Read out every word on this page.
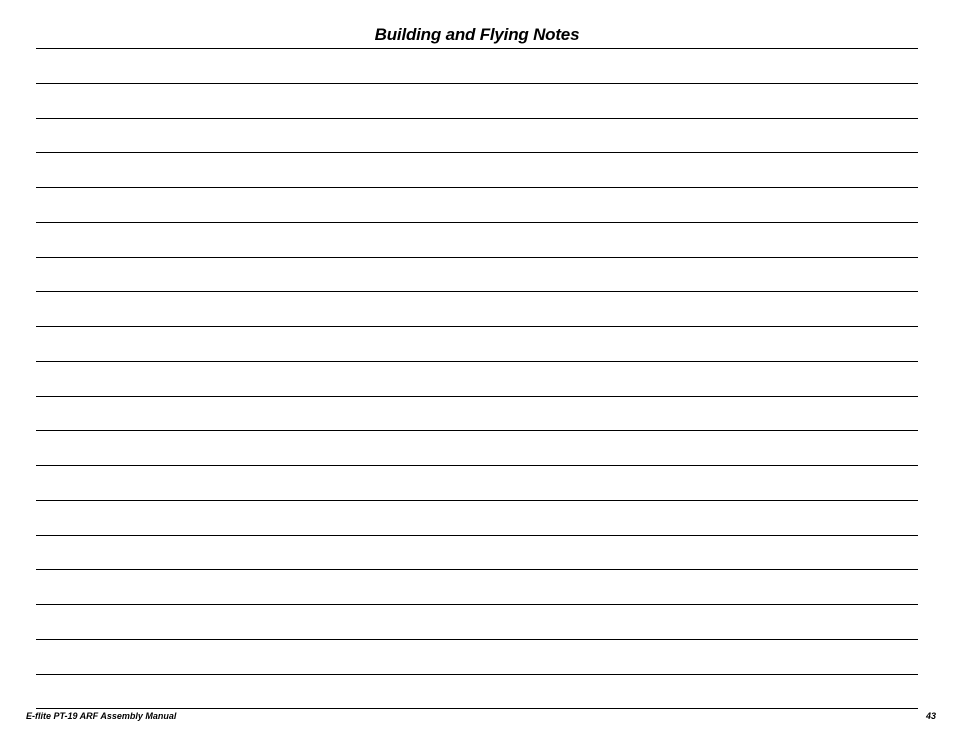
Building and Flying Notes
E-flite PT-19 ARF Assembly Manual	43
